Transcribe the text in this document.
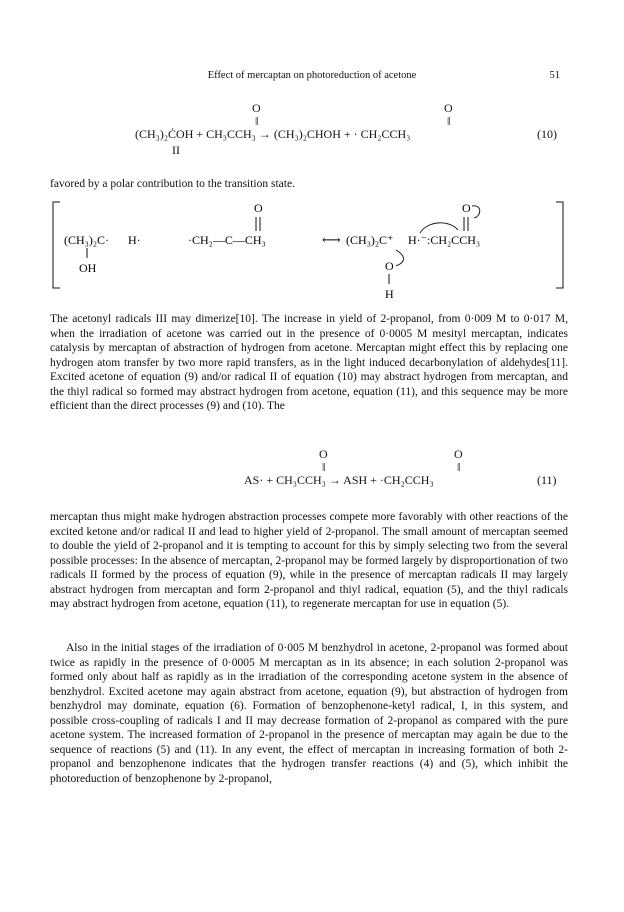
Effect of mercaptan on photoreduction of acetone	51
O
‖
O
‖
(CH₃)₂ĊOH + CH₃CCH₃ → (CH₃)₂CHOH + · CH₂CCH₃
II
(10)

favored by a polar contribution to the transition state.

(CH₃)₂C·
OH
H·
O
·CH₂—C—CH₃	⟷ (CH₃)₂C⁺ H·⁻:CH₂CCH₃
O
O
H

The acetonyl radicals III may dimerize[10]. The increase in yield of 2-propanol, from 0·009 M to 0·017 M, when the irradiation of acetone was carried out in the presence of 0·0005 M mesityl mercaptan, indicates catalysis by mercaptan of abstraction of hydrogen from acetone. Mercaptan might effect this by replacing one hydrogen atom transfer by two more rapid transfers, as in the light induced decarbonylation of aldehydes[11]. Excited acetone of equation (9) and/or radical II of equation (10) may abstract hydrogen from mercaptan, and the thiyl radical so formed may abstract hydrogen from acetone, equation (11), and this sequence may be more efficient than the direct processes (9) and (10). The

O
‖
O
‖
AS· + CH₃CCH₃ → ASH + ·CH₂CCH₃	(11)

mercaptan thus might make hydrogen abstraction processes compete more favorably with other reactions of the excited ketone and/or radical II and lead to higher yield of 2-propanol. The small amount of mercaptan seemed to double the yield of 2-propanol and it is tempting to account for this by simply selecting two from the several possible processes: In the absence of mercaptan, 2-propanol may be formed largely by disproportionation of two radicals II formed by the process of equation (9), while in the presence of mercaptan radicals II may largely abstract hydrogen from mercaptan and form 2-propanol and thiyl radical, equation (5), and the thiyl radicals may abstract hydrogen from acetone, equation (11), to regenerate mercaptan for use in equation (5).

Also in the initial stages of the irradiation of 0·005 M benzhydrol in acetone, 2-propanol was formed about twice as rapidly in the presence of 0·0005 M mercaptan as in its absence; in each solution 2-propanol was formed only about half as rapidly as in the irradiation of the corresponding acetone system in the absence of benzhydrol. Excited acetone may again abstract from acetone, equation (9), but abstraction of hydrogen from benzhydrol may dominate, equation (6). Formation of benzophenone-ketyl radical, I, in this system, and possible cross-coupling of radicals I and II may decrease formation of 2-propanol as compared with the pure acetone system. The increased formation of 2-propanol in the presence of mercaptan may again be due to the sequence of reactions (5) and (11). In any event, the effect of mercaptan in increasing formation of both 2-propanol and benzophenone indicates that the hydrogen transfer reactions (4) and (5), which inhibit the photoreduction of benzophenone by 2-propanol,
